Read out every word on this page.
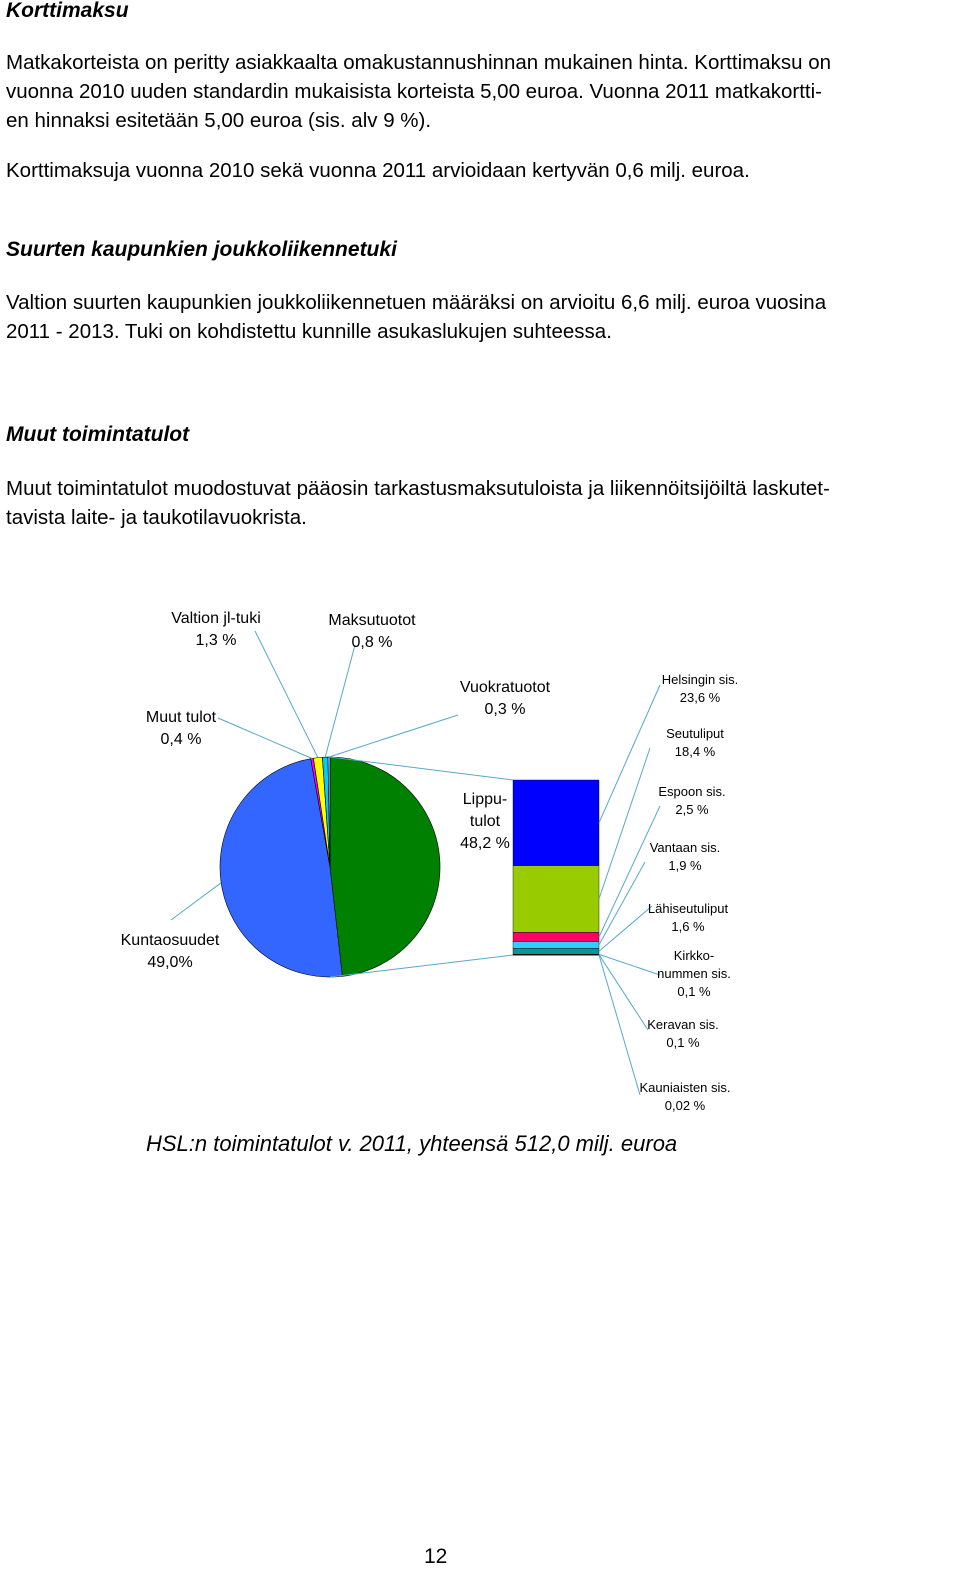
Korttimaksu
Matkakorteista on peritty asiakkaalta omakustannushinnan mukainen hinta. Korttimaksu on
vuonna 2010 uuden standardin mukaisista korteista 5,00 euroa. Vuonna 2011 matkakortti-
en hinnaksi esitetään 5,00 euroa (sis. alv 9 %).
Korttimaksuja vuonna 2010 sekä vuonna 2011 arvioidaan kertyvän 0,6 milj. euroa.
Suurten kaupunkien joukkoliikennetuki
Valtion suurten kaupunkien joukkoliikennetuen määräksi on arvioitu 6,6 milj. euroa vuosina
2011 - 2013. Tuki on kohdistettu kunnille asukaslukujen suhteessa.
Muut toimintatulot
Muut toimintatulot muodostuvat pääosin tarkastusmaksutuloista ja liikennöitsijöiltä laskutet-
tavista laite- ja taukotilavuokrista.
Lippu-tulot 48,2 %
Kuntaosuudet 49,0%
Muut tulot 0,4 %
Valtion jl-tuki 1,3 %
Maksutuotot 0,8 %
Vuokratuotot 0,3 %
Helsingin sis. 23,6 %
Seutuliput 18,4 %
Espoon sis. 2,5 %
Vantaan sis. 1,9 %
Lähiseutuliput 1,6 %
Kirkko-nummen sis. 0,1 %
Keravan sis. 0,1 %
Kauniaisten sis. 0,02 %
HSL:n toimintatulot v. 2011, yhteensä 512,0 milj. euroa
12
